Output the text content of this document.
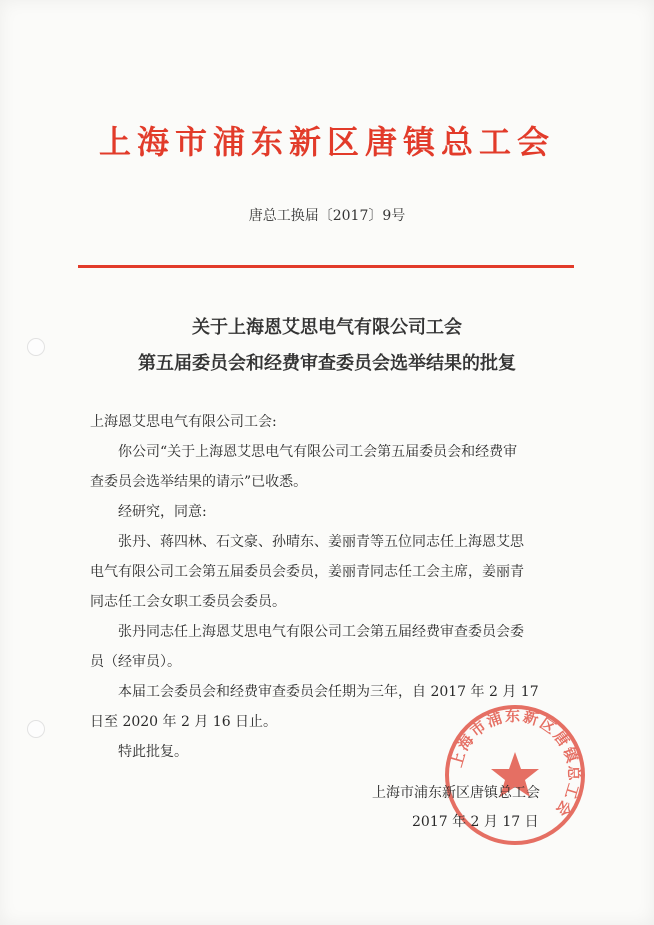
上海市浦东新区唐镇总工会
唐总工换届〔2017〕9号
关于上海恩艾思电气有限公司工会
第五届委员会和经费审查委员会选举结果的批复

上海恩艾思电气有限公司工会:

你公司“关于上海恩艾思电气有限公司工会第五届委员会和经费审

查委员会选举结果的请示”已收悉。

经研究，同意:

张丹、蒋四林、石文豪、孙晴东、姜丽青等五位同志任上海恩艾思

电气有限公司工会第五届委员会委员，姜丽青同志任工会主席，姜丽青

同志任工会女职工委员会委员。

张丹同志任上海恩艾思电气有限公司工会第五届经费审查委员会委

员（经审员）。

本届工会委员会和经费审查委员会任期为三年，自 2017 年 2 月 17

日至 2020 年 2 月 16 日止。

特此批复。	上海市浦东新区唐镇总工会
上海市浦东新区唐镇总工会
2017 年 2 月 17 日
